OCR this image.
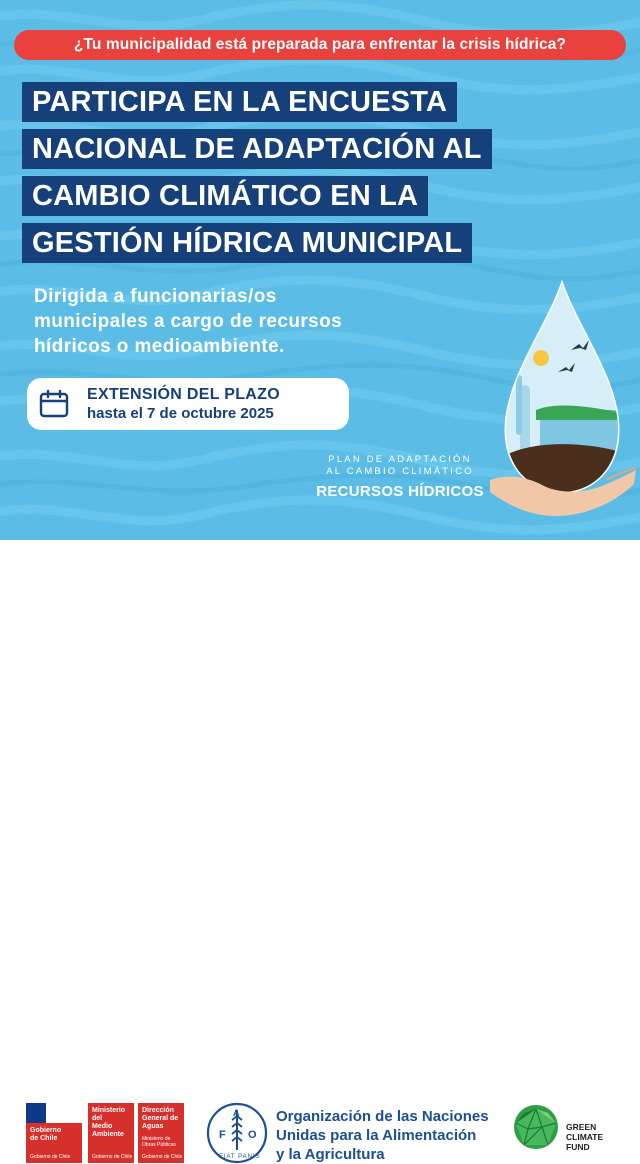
¿Tu municipalidad está preparada para enfrentar la crisis hídrica?
PARTICIPA EN LA ENCUESTA
NACIONAL DE ADAPTACIÓN AL
CAMBIO CLIMÁTICO EN LA
GESTIÓN HÍDRICA MUNICIPAL
Dirigida a funcionarias/os
municipales a cargo de recursos
hídricos o medioambiente.
EXTENSIÓN DEL PLAZO
hasta el 7 de octubre 2025
PLAN DE ADAPTACIÓN
AL CAMBIO CLIMÁTICO
RECURSOS HÍDRICOS
Gobierno
de Chile
Gobierno de Chile
Ministerio del
Medio
Ambiente
Gobierno de Chile
Dirección
General de
Aguas
Ministerio de
Obras Públicas
Gobierno de Chile
F O
A
FIAT PANIS
Organización de las Naciones
Unidas para la Alimentación
y la Agricultura
GREEN
CLIMATE
FUND
